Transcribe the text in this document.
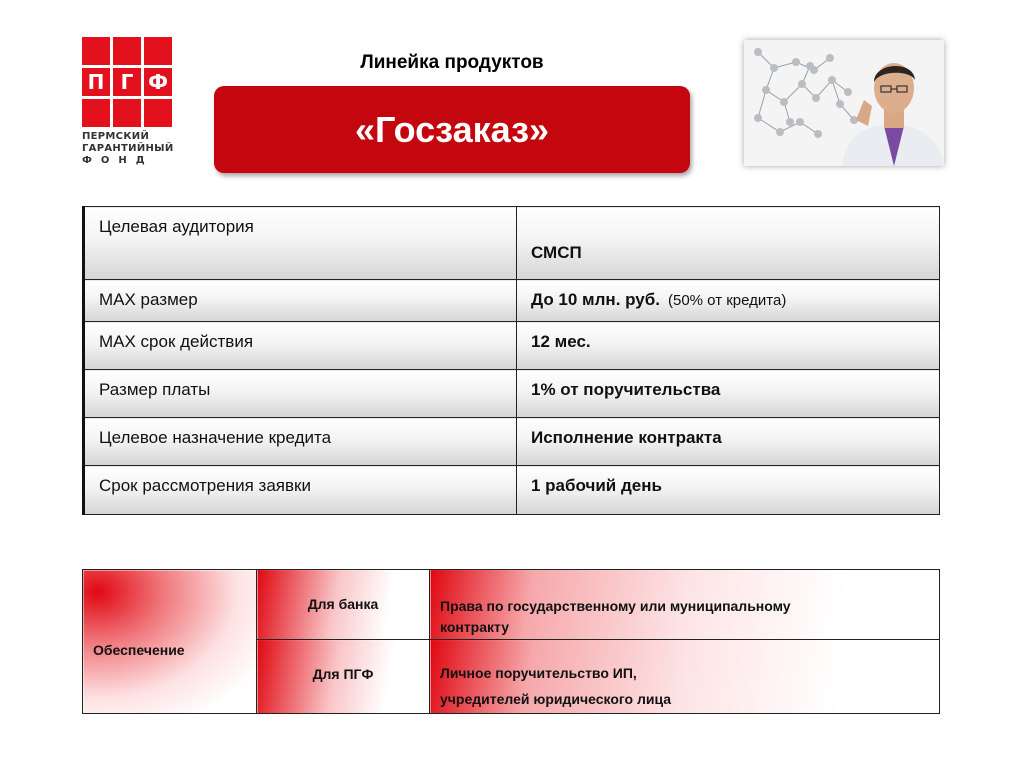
П Г Ф
ПЕРМСКИЙ
ГАРАНТИЙНЫЙ
ФОНД
Линейка продуктов
«Госзаказ»
Целевая аудитория	СМСП
MAX размер	До 10 млн. руб. (50% от кредита)
MAX срок действия	12 мес.
Размер платы	1% от поручительства
Целевое назначение кредита	Исполнение контракта
Срок рассмотрения заявки	1 рабочий день
Обеспечение	Для банка	Права по государственному или муниципальному
контракту

	Для ПГФ	Личное поручительство ИП,
учредителей юридического лица
